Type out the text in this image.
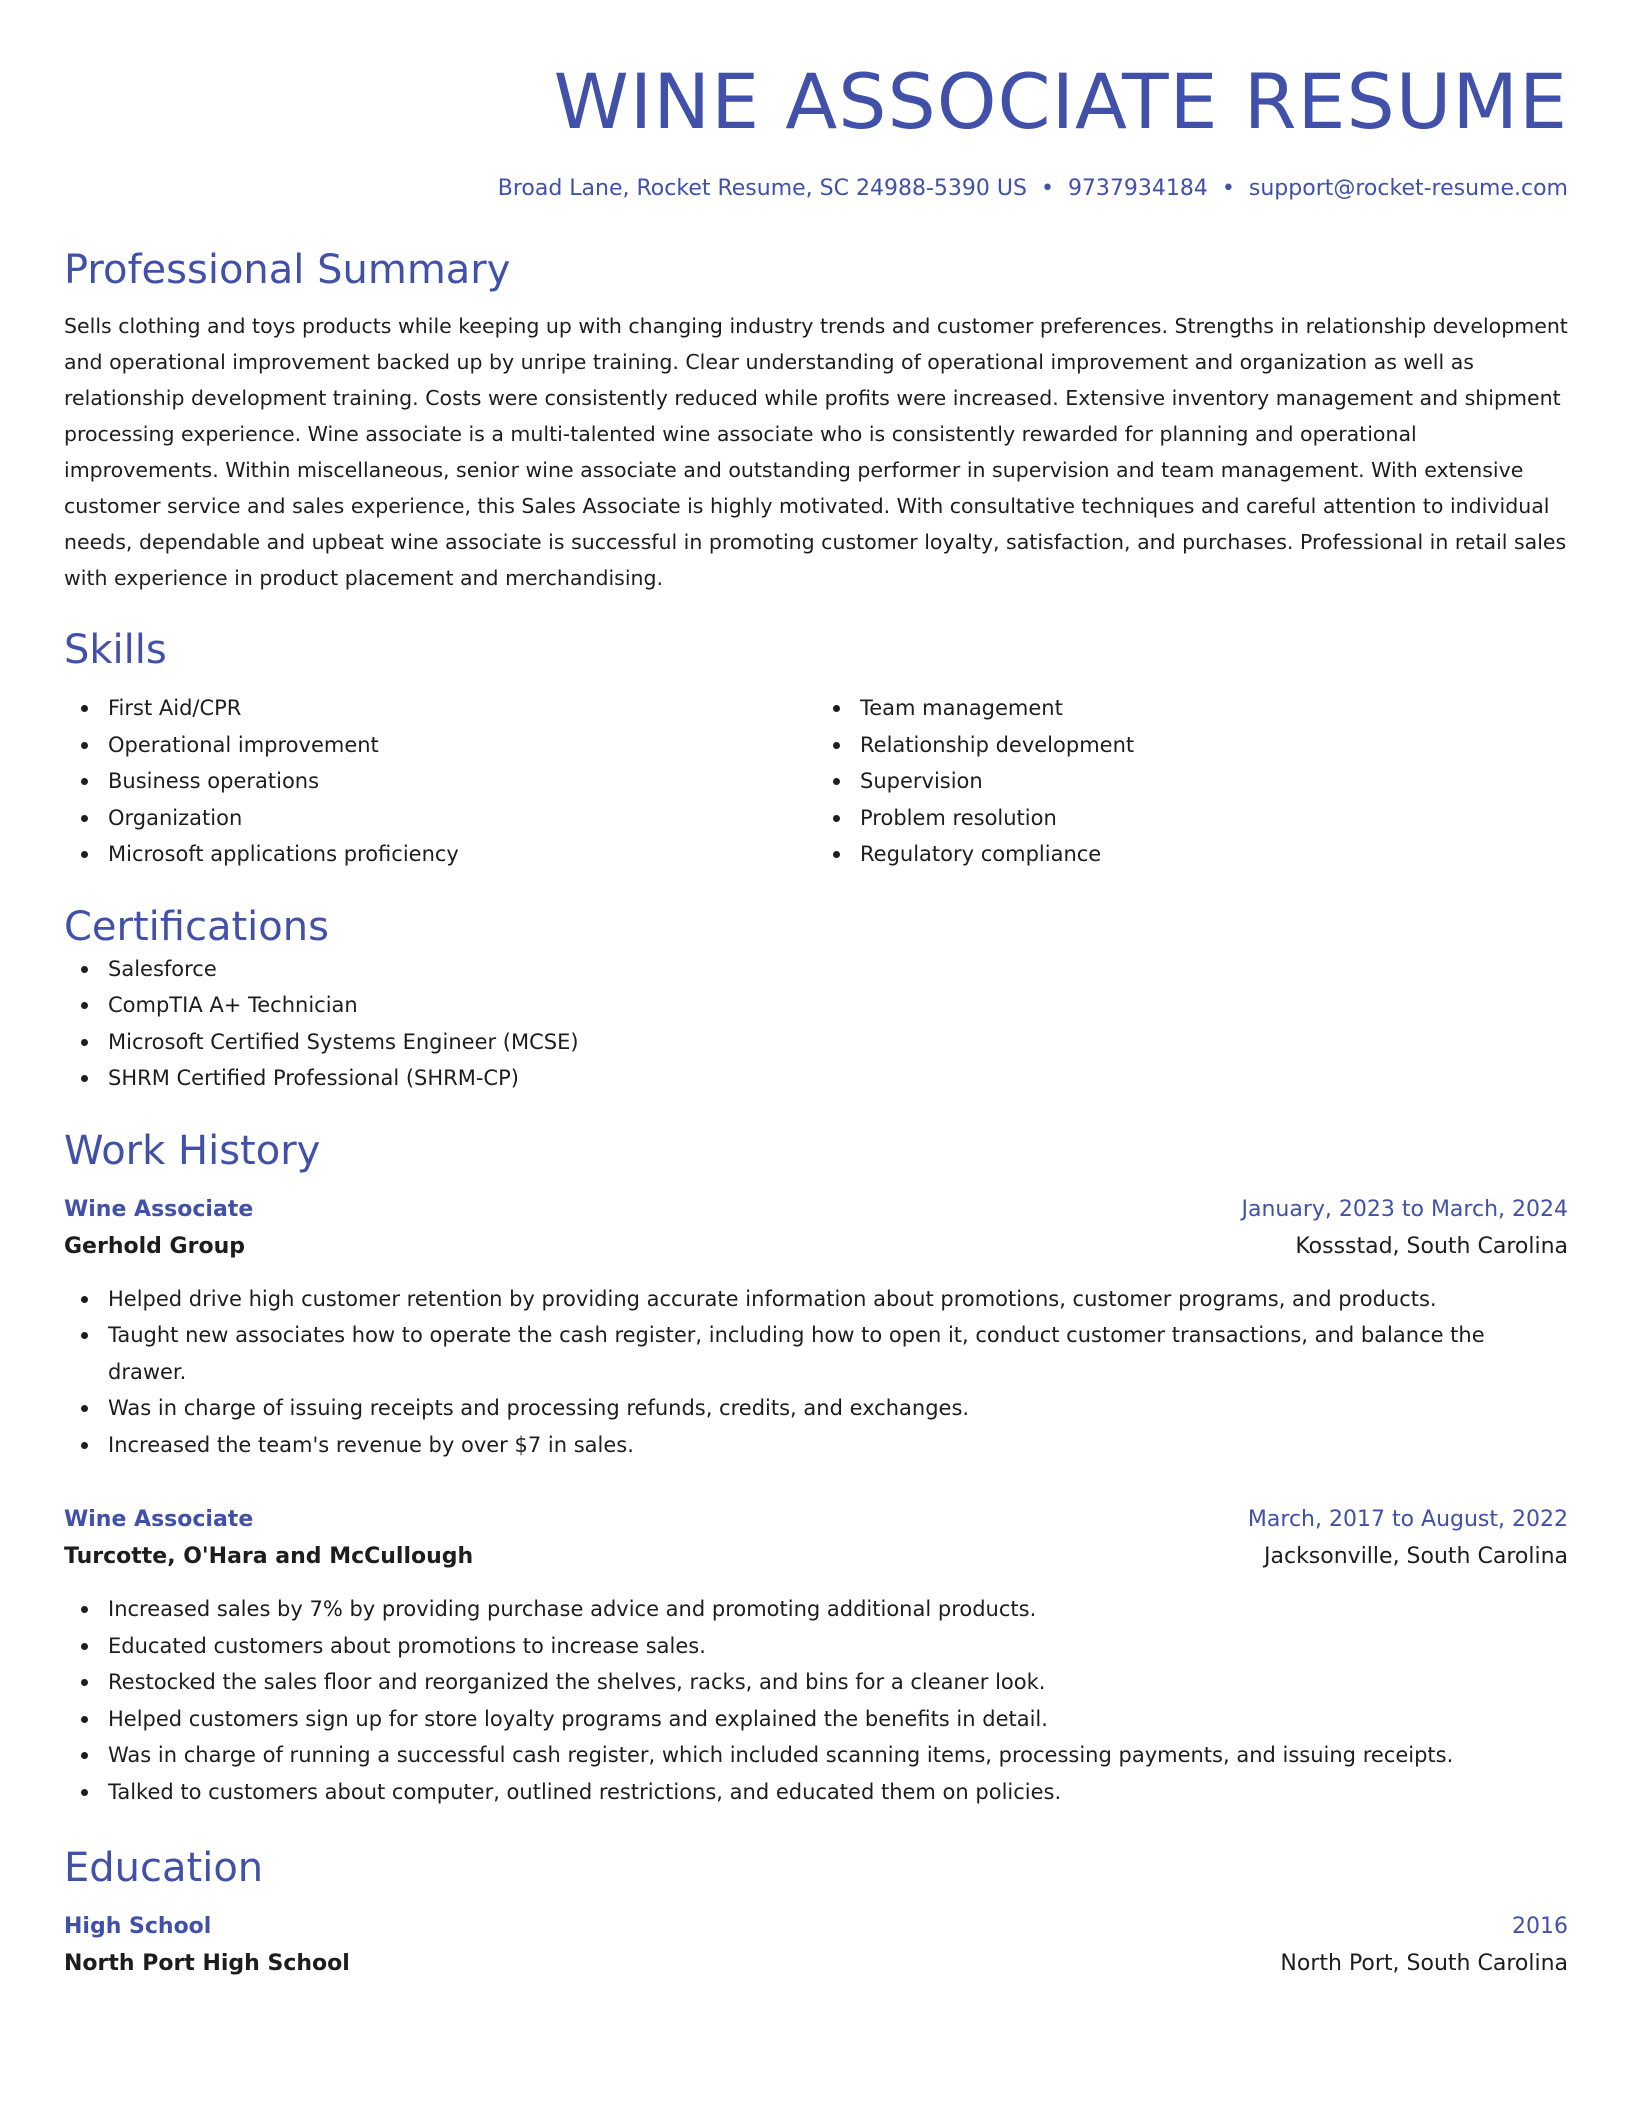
WINE ASSOCIATE RESUME
Broad Lane, Rocket Resume, SC 24988-5390 US • 9737934184 • support@rocket-resume.com
Professional Summary

Sells clothing and toys products while keeping up with changing industry trends and customer preferences. Strengths in relationship development and operational improvement backed up by unripe training. Clear understanding of operational improvement and organization as well as relationship development training. Costs were consistently reduced while profits were increased. Extensive inventory management and shipment processing experience. Wine associate is a multi-talented wine associate who is consistently rewarded for planning and operational improvements. Within miscellaneous, senior wine associate and outstanding performer in supervision and team management. With extensive customer service and sales experience, this Sales Associate is highly motivated. With consultative techniques and careful attention to individual needs, dependable and upbeat wine associate is successful in promoting customer loyalty, satisfaction, and purchases. Professional in retail sales with experience in product placement and merchandising.

Skills
First Aid/CPR
Operational improvement
Business operations
Organization
Microsoft applications proficiency
Team management
Relationship development
Supervision
Problem resolution
Regulatory compliance
Certifications
Salesforce
CompTIA A+ Technician
Microsoft Certified Systems Engineer (MCSE)
SHRM Certified Professional (SHRM-CP)
Work History
Wine Associate	January, 2023 to March, 2024
Gerhold Group	Kossstad, South Carolina
Helped drive high customer retention by providing accurate information about promotions, customer programs, and products.
Taught new associates how to operate the cash register, including how to open it, conduct customer transactions, and balance the drawer.
Was in charge of issuing receipts and processing refunds, credits, and exchanges.
Increased the team's revenue by over $7 in sales.
Wine Associate	March, 2017 to August, 2022
Turcotte, O'Hara and McCullough	Jacksonville, South Carolina
Increased sales by 7% by providing purchase advice and promoting additional products.
Educated customers about promotions to increase sales.
Restocked the sales floor and reorganized the shelves, racks, and bins for a cleaner look.
Helped customers sign up for store loyalty programs and explained the benefits in detail.
Was in charge of running a successful cash register, which included scanning items, processing payments, and issuing receipts.
Talked to customers about computer, outlined restrictions, and educated them on policies.
Education
High School	2016
North Port High School	North Port, South Carolina
